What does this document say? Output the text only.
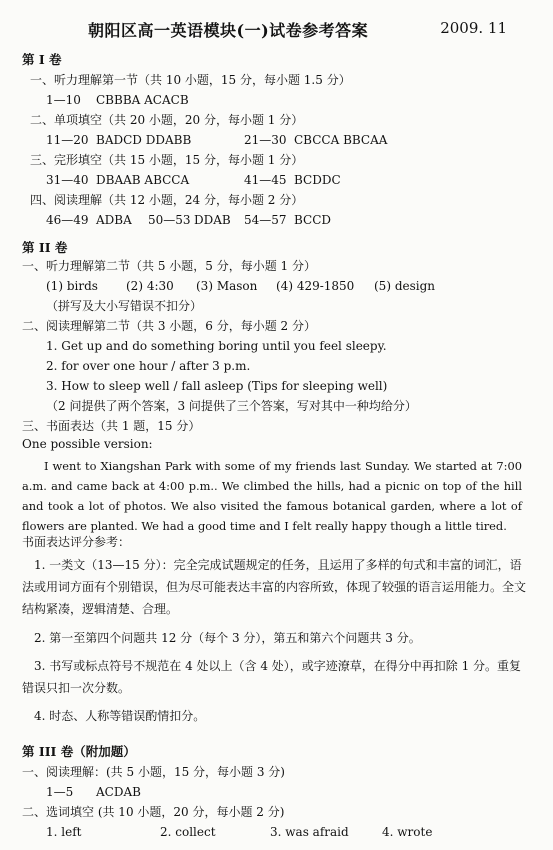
朝阳区高一英语模块(一)试卷参考答案	2009. 11
第 I 卷
一、听力理解第一节（共 10 小题，15 分，每小题 1.5 分）
1—10 CBBBA ACACB
二、单项填空（共 20 小题，20 分，每小题 1 分）
11—20 BADCD DDABB	21—30 CBCCA BBCAA
三、完形填空（共 15 小题，15 分，每小题 1 分）
31—40 DBAAB ABCCA	41—45 BCDDC
四、阅读理解（共 12 小题，24 分，每小题 2 分）
46—49 ADBA 50—53 DDAB 54—57 BCCD
第 II 卷
一、听力理解第二节（共 5 小题，5 分，每小题 1 分）
(1) birds (2) 4:30 (3) Mason (4) 429-1850 (5) design
（拼写及大小写错误不扣分）
二、阅读理解第二节（共 3 小题，6 分，每小题 2 分）
1. Get up and do something boring until you feel sleepy.
2. for over one hour / after 3 p.m.
3. How to sleep well / fall asleep (Tips for sleeping well)
（2 问提供了两个答案，3 问提供了三个答案，写对其中一种均给分）
三、书面表达（共 1 题，15 分）
One possible version:
I went to Xiangshan Park with some of my friends last Sunday. We started at 7:00 a.m. and came back at 4:00 p.m.. We climbed the hills, had a picnic on top of the hill and took a lot of photos. We also visited the famous botanical garden, where a lot of flowers are planted. We had a good time and I felt really happy though a little tired.
书面表达评分参考：
1. 一类文（13—15 分）：完全完成试题规定的任务，且运用了多样的句式和丰富的词汇，语法或用词方面有个别错误，但为尽可能表达丰富的内容所致，体现了较强的语言运用能力。全文结构紧凑，逻辑清楚、合理。
2. 第一至第四个问题共 12 分（每个 3 分），第五和第六个问题共 3 分。
3. 书写或标点符号不规范在 4 处以上（含 4 处），或字迹潦草，在得分中再扣除 1 分。重复错误只扣一次分数。
4. 时态、人称等错误酌情扣分。
第 III 卷（附加题）
一、阅读理解：(共 5 小题，15 分，每小题 3 分)
1—5 ACDAB
二、选词填空 (共 10 小题，20 分，每小题 2 分)
1. left	2. collect	3. was afraid	4. wrote
